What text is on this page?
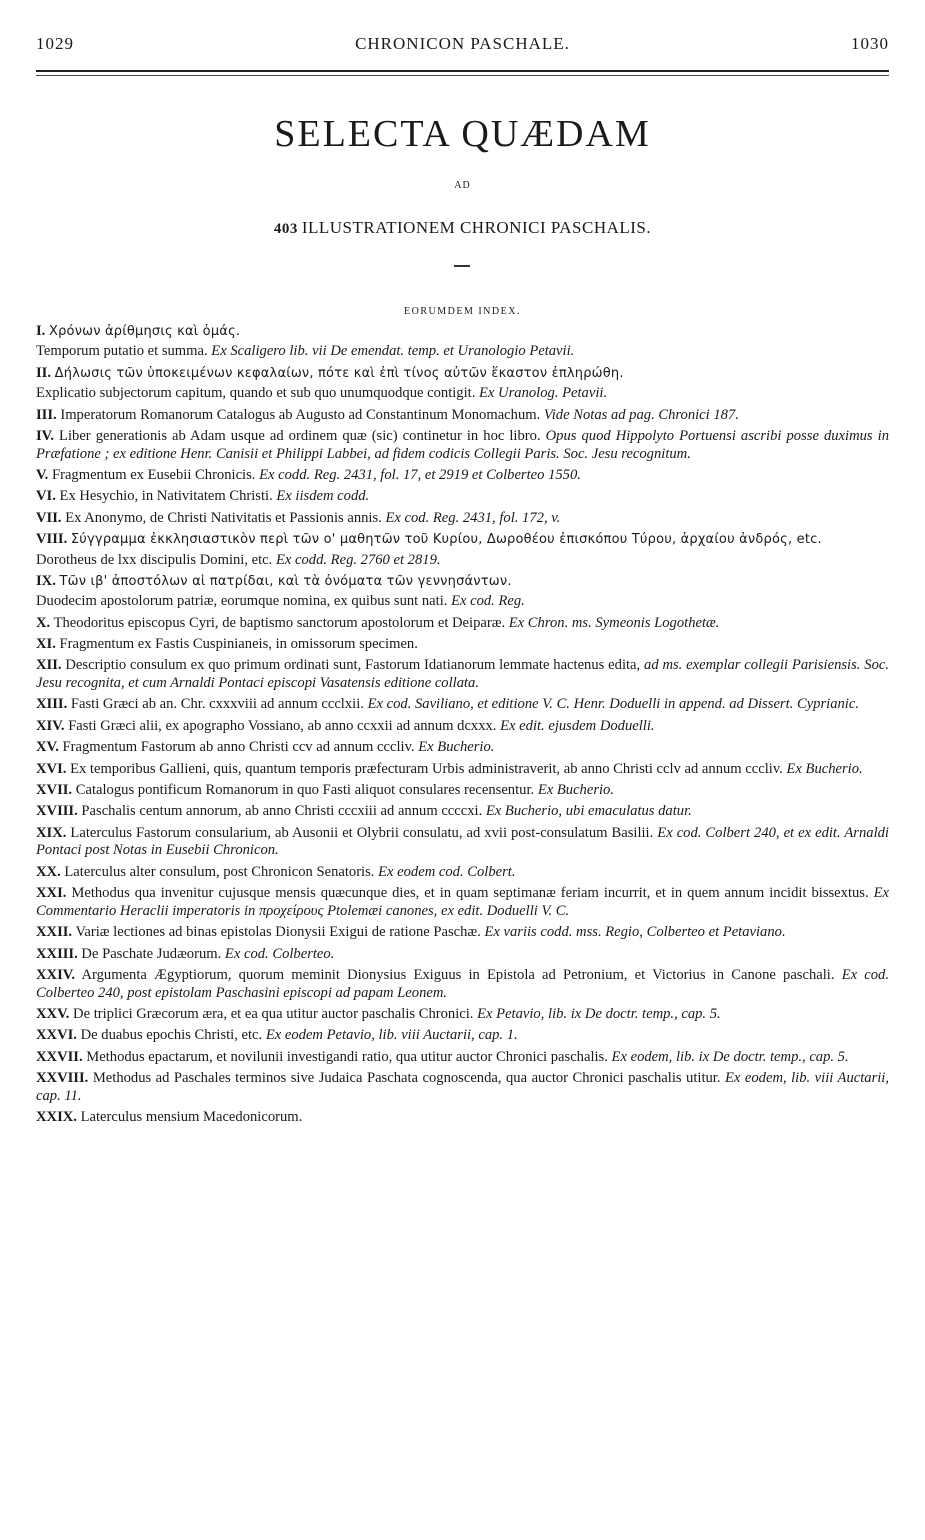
1029	CHRONICON PASCHALE.	1030
SELECTA QUÆDAM
AD
403 ILLUSTRATIONEM CHRONICI PASCHALIS.
EORUMDEM INDEX.
I. Χρόνων ἀρίθμησις καὶ ὁμάς.
Temporum putatio et summa. Ex Scaligero lib. vii De emendat. temp. et Uranologio Petavii.
II. Δήλωσις τῶν ὑποκειμένων κεφαλαίων, πότε καὶ ἐπὶ τίνος αὐτῶν ἕκαστον ἐπληρώθη.
Explicatio subjectorum capitum, quando et sub quo unumquodque contigit. Ex Uranolog. Petavii.
III. Imperatorum Romanorum Catalogus ab Augusto ad Constantinum Monomachum. Vide Notas ad pag. Chronici 187.
IV. Liber generationis ab Adam usque ad ordinem quæ (sic) continetur in hoc libro. Opus quod Hippolyto Portuensi ascribi posse duximus in Præfatione ; ex editione Henr. Canisii et Philippi Labbei, ad fidem codicis Collegii Paris. Soc. Jesu recognitum.
V. Fragmentum ex Eusebii Chronicis. Ex codd. Reg. 2431, fol. 17, et 2919 et Colberteo 1550.
VI. Ex Hesychio, in Nativitatem Christi. Ex iisdem codd.
VII. Ex Anonymo, de Christi Nativitatis et Passionis annis. Ex cod. Reg. 2431, fol. 172, v.
VIII. Σύγγραμμα ἐκκλησιαστικὸν περὶ τῶν ο' μαθητῶν τοῦ Κυρίου, Δωροθέου ἐπισκόπου Τύρου, ἀρχαίου ἀνδρός, etc.
Dorotheus de lxx discipulis Domini, etc. Ex codd. Reg. 2760 et 2819.
IX. Τῶν ιβ' ἀποστόλων αἱ πατρίδαι, καὶ τὰ ὀνόματα τῶν γεννησάντων.
Duodecim apostolorum patriæ, eorumque nomina, ex quibus sunt nati. Ex cod. Reg.
X. Theodoritus episcopus Cyri, de baptismo sanctorum apostolorum et Deiparæ. Ex Chron. ms. Symeonis Logothetæ.
XI. Fragmentum ex Fastis Cuspinianeis, in omissorum specimen.
XII. Descriptio consulum ex quo primum ordinati sunt, Fastorum Idatianorum lemmate hactenus edita, ad ms. exemplar collegii Parisiensis. Soc. Jesu recognita, et cum Arnaldi Pontaci episcopi Vasatensis editione collata.
XIII. Fasti Græci ab an. Chr. cxxxviii ad annum ccclxii. Ex cod. Saviliano, et editione V. C. Henr. Doduelli in append. ad Dissert. Cyprianic.
XIV. Fasti Græci alii, ex apographo Vossiano, ab anno ccxxii ad annum dcxxx. Ex edit. ejusdem Doduelli.
XV. Fragmentum Fastorum ab anno Christi ccv ad annum cccliv. Ex Bucherio.
XVI. Ex temporibus Gallieni, quis, quantum temporis præfecturam Urbis administraverit, ab anno Christi cclv ad annum cccliv. Ex Bucherio.
XVII. Catalogus pontificum Romanorum in quo Fasti aliquot consulares recensentur. Ex Bucherio.
XVIII. Paschalis centum annorum, ab anno Christi cccxiii ad annum ccccxi. Ex Bucherio, ubi emaculatus datur.
XIX. Laterculus Fastorum consularium, ab Ausonii et Olybrii consulatu, ad xvii post-consulatum Basilii. Ex cod. Colbert 240, et ex edit. Arnaldi Pontaci post Notas in Eusebii Chronicon.
XX. Laterculus alter consulum, post Chronicon Senatoris. Ex eodem cod. Colbert.
XXI. Methodus qua invenitur cujusque mensis quæcunque dies, et in quam septimanæ feriam incurrit, et in quem annum incidit bissextus. Ex Commentario Heraclii imperatoris in προχείρους Ptolemæi canones, ex edit. Doduelli V. C.
XXII. Variæ lectiones ad binas epistolas Dionysii Exigui de ratione Paschæ. Ex variis codd. mss. Regio, Colberteo et Petaviano.
XXIII. De Paschate Judæorum. Ex cod. Colberteo.
XXIV. Argumenta Ægyptiorum, quorum meminit Dionysius Exiguus in Epistola ad Petronium, et Victorius in Canone paschali. Ex cod. Colberteo 240, post epistolam Paschasini episcopi ad papam Leonem.
XXV. De triplici Græcorum æra, et ea qua utitur auctor paschalis Chronici. Ex Petavio, lib. ix De doctr. temp., cap. 5.
XXVI. De duabus epochis Christi, etc. Ex eodem Petavio, lib. viii Auctarii, cap. 1.
XXVII. Methodus epactarum, et novilunii investigandi ratio, qua utitur auctor Chronici paschalis. Ex eodem, lib. ix De doctr. temp., cap. 5.
XXVIII. Methodus ad Paschales terminos sive Judaica Paschata cognoscenda, qua auctor Chronici paschalis utitur. Ex eodem, lib. viii Auctarii, cap. 11.
XXIX. Laterculus mensium Macedonicorum.
